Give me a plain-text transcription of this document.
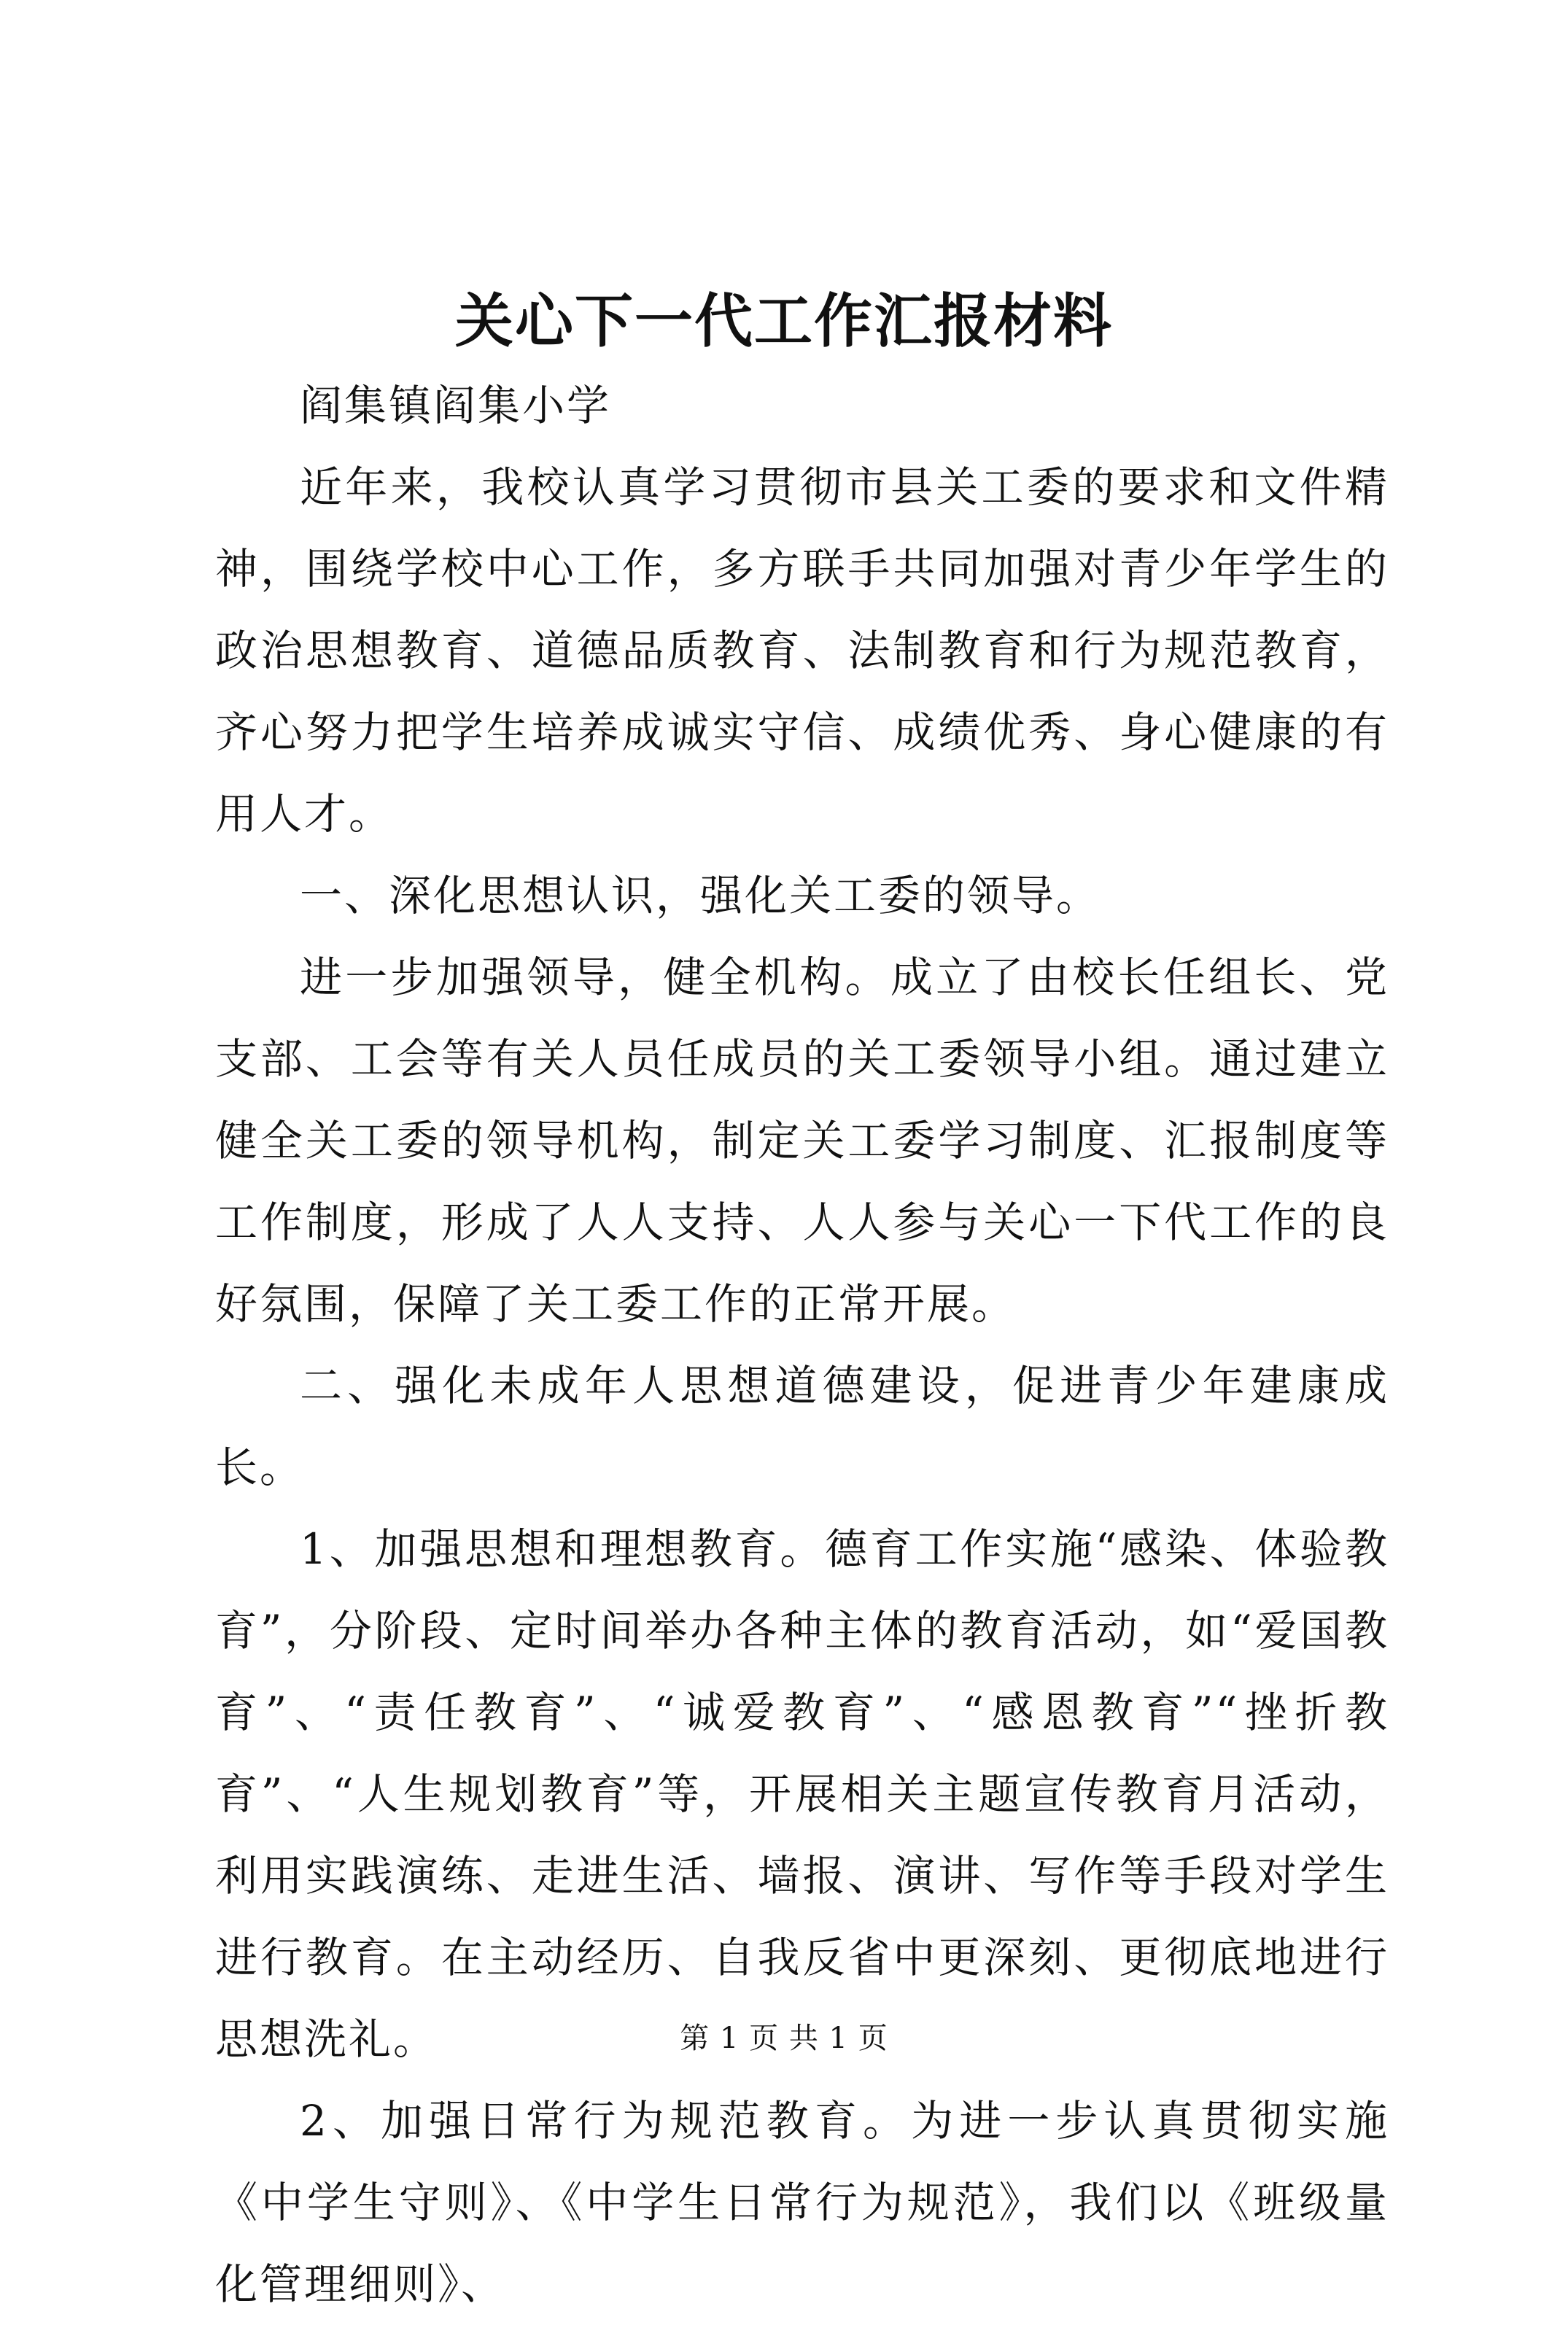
关心下一代工作汇报材料

阎集镇阎集小学

近年来，我校认真学习贯彻市县关工委的要求和文件精神，围绕学校中心工作，多方联手共同加强对青少年学生的政治思想教育、道德品质教育、法制教育和行为规范教育，齐心努力把学生培养成诚实守信、成绩优秀、身心健康的有用人才。

一、深化思想认识，强化关工委的领导。

进一步加强领导，健全机构。成立了由校长任组长、党支部、工会等有关人员任成员的关工委领导小组。通过建立健全关工委的领导机构，制定关工委学习制度、汇报制度等工作制度，形成了人人支持、人人参与关心一下代工作的良好氛围，保障了关工委工作的正常开展。

二、强化未成年人思想道德建设，促进青少年建康成长。

1、加强思想和理想教育。德育工作实施“感染、体验教育”，分阶段、定时间举办各种主体的教育活动，如“爱国教育”、“责任教育”、“诚爱教育”、“感恩教育”“挫折教育”、“人生规划教育”等，开展相关主题宣传教育月活动，利用实践演练、走进生活、墙报、演讲、写作等手段对学生进行教育。在主动经历、自我反省中更深刻、更彻底地进行思想洗礼。

2、加强日常行为规范教育。为进一步认真贯彻实施《中学生守则》、《中学生日常行为规范》，我们以《班级量化管理细则》、

第 1 页 共 1 页
